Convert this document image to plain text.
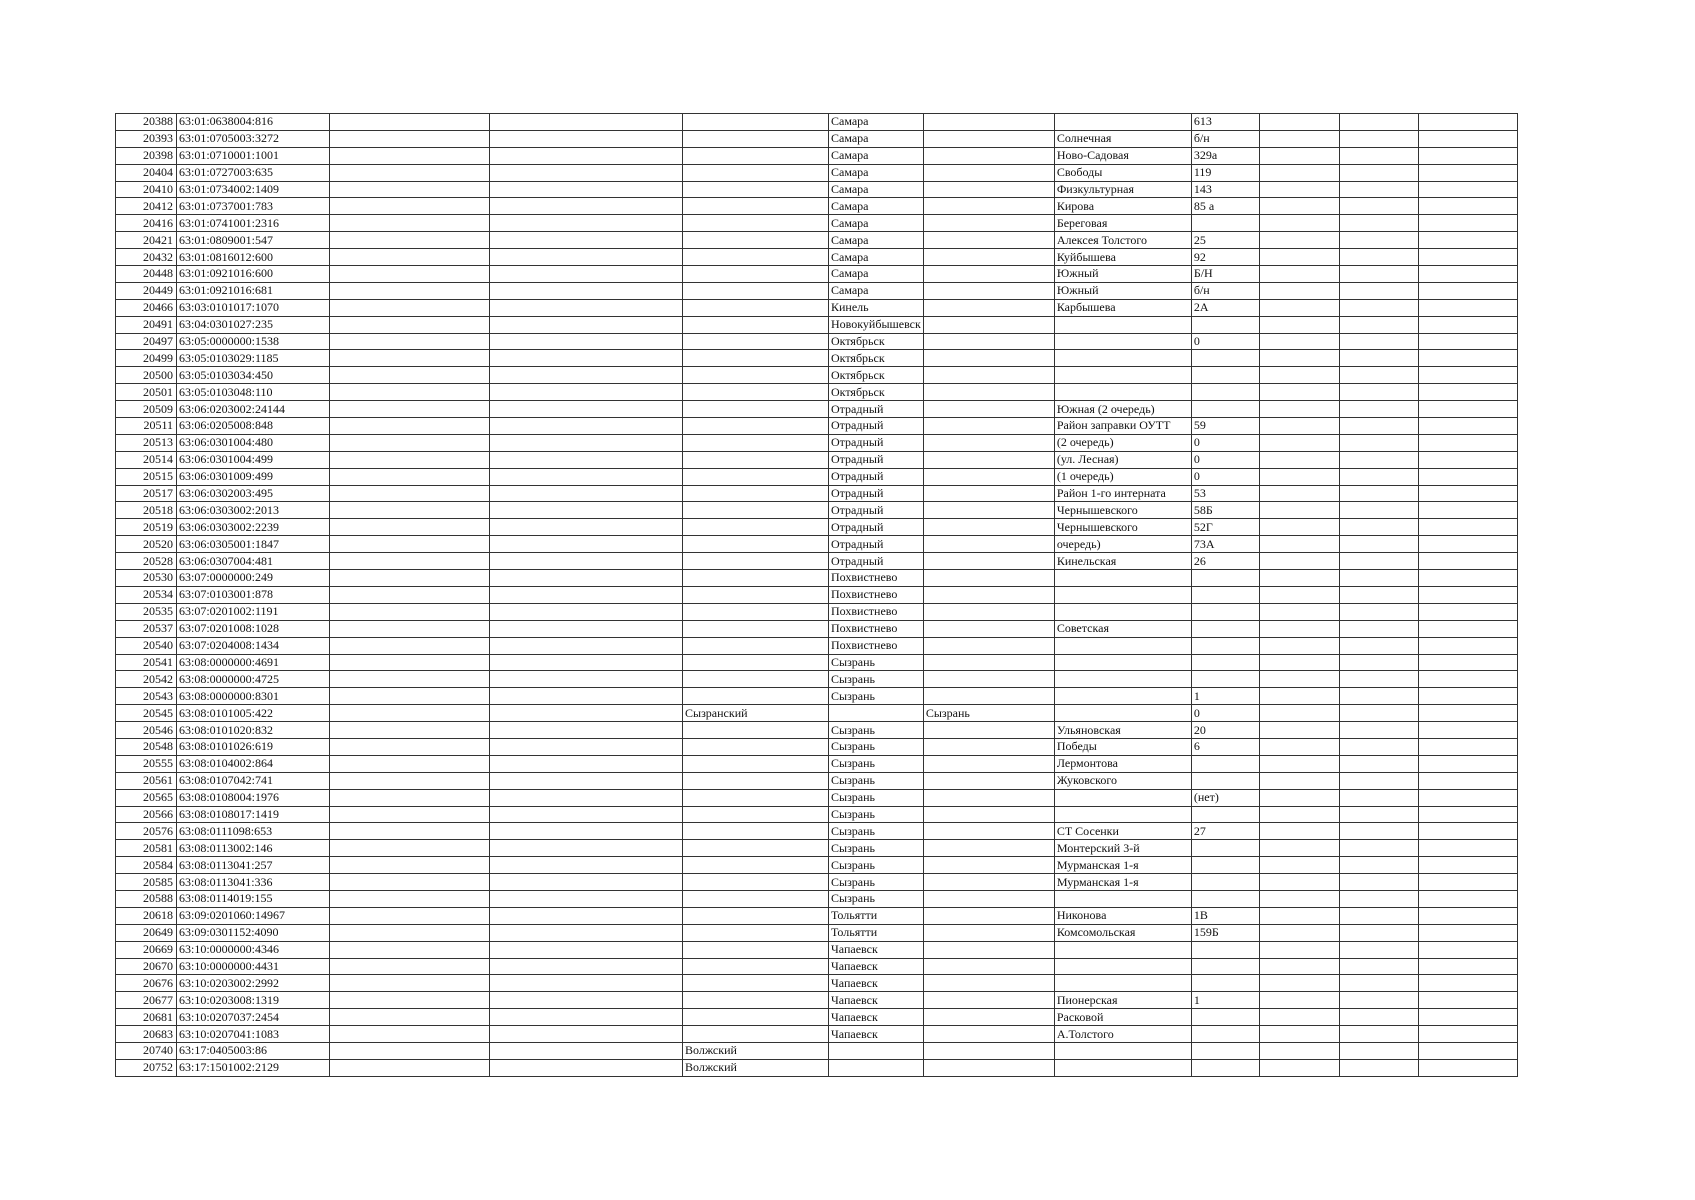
20388	63:01:0638004:816				Самара			613			
20393	63:01:0705003:3272				Самара		Солнечная	б/н			
20398	63:01:0710001:1001				Самара		Ново-Садовая	329а			
20404	63:01:0727003:635				Самара		Свободы	119			
20410	63:01:0734002:1409				Самара		Физкультурная	143			
20412	63:01:0737001:783				Самара		Кирова	85 а			
20416	63:01:0741001:2316				Самара		Береговая				
20421	63:01:0809001:547				Самара		Алексея Толстого	25			
20432	63:01:0816012:600				Самара		Куйбышева	92			
20448	63:01:0921016:600				Самара		Южный	Б/Н			
20449	63:01:0921016:681				Самара		Южный	б/н			
20466	63:03:0101017:1070				Кинель		Карбышева	2А			
20491	63:04:0301027:235				Новокуйбышевск						
20497	63:05:0000000:1538				Октябрьск			0			
20499	63:05:0103029:1185				Октябрьск						
20500	63:05:0103034:450				Октябрьск						
20501	63:05:0103048:110				Октябрьск						
20509	63:06:0203002:24144				Отрадный		Южная (2 очередь)				
20511	63:06:0205008:848				Отрадный		Район заправки ОУТТ	59			
20513	63:06:0301004:480				Отрадный		(2 очередь)	0			
20514	63:06:0301004:499				Отрадный		(ул. Лесная)	0			
20515	63:06:0301009:499				Отрадный		(1 очередь)	0			
20517	63:06:0302003:495				Отрадный		Район 1-го интерната	53			
20518	63:06:0303002:2013				Отрадный		Чернышевского	58Б			
20519	63:06:0303002:2239				Отрадный		Чернышевского	52Г			
20520	63:06:0305001:1847				Отрадный		очередь)	73А			
20528	63:06:0307004:481				Отрадный		Кинельская	26			
20530	63:07:0000000:249				Похвистнево						
20534	63:07:0103001:878				Похвистнево						
20535	63:07:0201002:1191				Похвистнево						
20537	63:07:0201008:1028				Похвистнево		Советская				
20540	63:07:0204008:1434				Похвистнево						
20541	63:08:0000000:4691				Сызрань						
20542	63:08:0000000:4725				Сызрань						
20543	63:08:0000000:8301				Сызрань			1			
20545	63:08:0101005:422			Сызранский		Сызрань		0			
20546	63:08:0101020:832				Сызрань		Ульяновская	20			
20548	63:08:0101026:619				Сызрань		Победы	6			
20555	63:08:0104002:864				Сызрань		Лермонтова				
20561	63:08:0107042:741				Сызрань		Жуковского				
20565	63:08:0108004:1976				Сызрань			(нет)			
20566	63:08:0108017:1419				Сызрань						
20576	63:08:0111098:653				Сызрань		СТ Сосенки	27			
20581	63:08:0113002:146				Сызрань		Монтерский 3-й				
20584	63:08:0113041:257				Сызрань		Мурманская 1-я				
20585	63:08:0113041:336				Сызрань		Мурманская 1-я				
20588	63:08:0114019:155				Сызрань						
20618	63:09:0201060:14967				Тольятти		Никонова	1В			
20649	63:09:0301152:4090				Тольятти		Комсомольская	159Б			
20669	63:10:0000000:4346				Чапаевск						
20670	63:10:0000000:4431				Чапаевск						
20676	63:10:0203002:2992				Чапаевск						
20677	63:10:0203008:1319				Чапаевск		Пионерская	1			
20681	63:10:0207037:2454				Чапаевск		Расковой				
20683	63:10:0207041:1083				Чапаевск		А.Толстого				
20740	63:17:0405003:86			Волжский							
20752	63:17:1501002:2129			Волжский							
